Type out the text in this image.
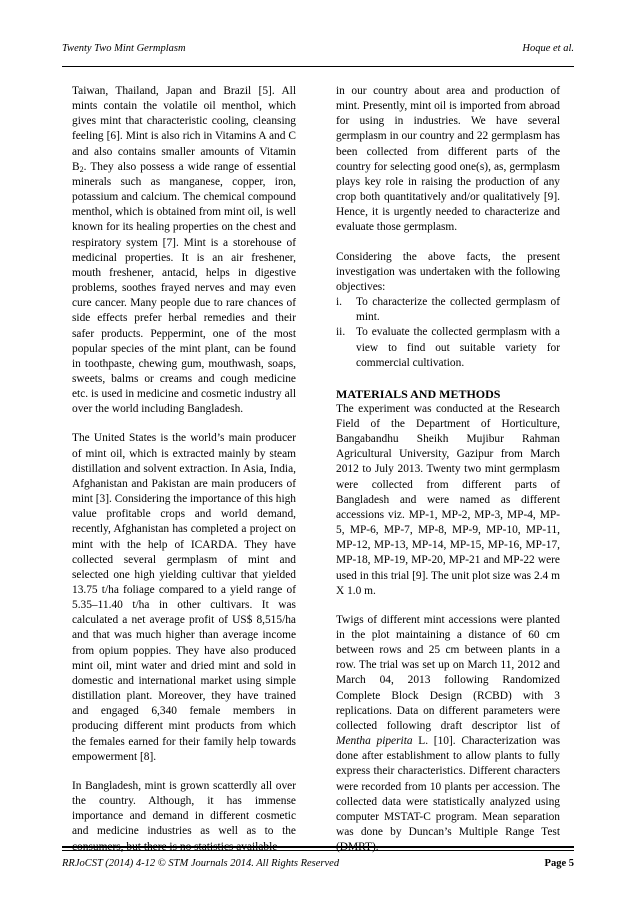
Twenty Two Mint Germplasm	Hoque et al.

Taiwan, Thailand, Japan and Brazil [5]. All mints contain the volatile oil menthol, which gives mint that characteristic cooling, cleansing feeling [6]. Mint is also rich in Vitamins A and C and also contains smaller amounts of Vitamin $B_2$. They also possess a wide range of essential minerals such as manganese, copper, iron, potassium and calcium. The chemical compound menthol, which is obtained from mint oil, is well known for its healing properties on the chest and respiratory system [7]. Mint is a storehouse of medicinal properties. It is an air freshener, mouth freshener, antacid, helps in digestive problems, soothes frayed nerves and may even cure cancer. Many people due to rare chances of side effects prefer herbal remedies and their safer products. Peppermint, one of the most popular species of the mint plant, can be found in toothpaste, chewing gum, mouthwash, soaps, sweets, balms or creams and cough medicine etc. is used in medicine and cosmetic industry all over the world including Bangladesh.

The United States is the world’s main producer of mint oil, which is extracted mainly by steam distillation and solvent extraction. In Asia, India, Afghanistan and Pakistan are main producers of mint [3]. Considering the importance of this high value profitable crops and world demand, recently, Afghanistan has completed a project on mint with the help of ICARDA. They have collected several germplasm of mint and selected one high yielding cultivar that yielded 13.75 t/ha foliage compared to a yield range of 5.35–11.40 t/ha in other cultivars. It was calculated a net average profit of US$ 8,515/ha and that was much higher than average income from opium poppies. They have also produced mint oil, mint water and dried mint and sold in domestic and international market using simple distillation plant. Moreover, they have trained and engaged 6,340 female members in producing different mint products from which the females earned for their family help towards empowerment [8].

In Bangladesh, mint is grown scatterdly all over the country. Although, it has immense importance and demand in different cosmetic and medicine industries as well as to the consumers, but there is no statistics available

in our country about area and production of mint. Presently, mint oil is imported from abroad for using in industries. We have several germplasm in our country and 22 germplasm has been collected from different parts of the country for selecting good one(s), as, germplasm plays key role in raising the production of any crop both quantitatively and/or qualitatively [9]. Hence, it is urgently needed to characterize and evaluate those germplasm.

Considering the above facts, the present investigation was undertaken with the following objectives:

i. To characterize the collected germplasm of mint.
ii. To evaluate the collected germplasm with a view to find out suitable variety for commercial cultivation.
MATERIALS AND METHODS

The experiment was conducted at the Research Field of the Department of Horticulture, Bangabandhu Sheikh Mujibur Rahman Agricultural University, Gazipur from March 2012 to July 2013. Twenty two mint germplasm were collected from different parts of Bangladesh and were named as different accessions viz. MP-1, MP-2, MP-3, MP-4, MP-5, MP-6, MP-7, MP-8, MP-9, MP-10, MP-11, MP-12, MP-13, MP-14, MP-15, MP-16, MP-17, MP-18, MP-19, MP-20, MP-21 and MP-22 were used in this trial [9]. The unit plot size was 2.4 m X 1.0 m.

Twigs of different mint accessions were planted in the plot maintaining a distance of 60 cm between rows and 25 cm between plants in a row. The trial was set up on March 11, 2012 and March 04, 2013 following Randomized Complete Block Design (RCBD) with 3 replications. Data on different parameters were collected following draft descriptor list of Mentha piperita L. [10]. Characterization was done after establishment to allow plants to fully express their characteristics. Different characters were recorded from 10 plants per accession. The collected data were statistically analyzed using computer MSTAT-C program. Mean separation was done by Duncan’s Multiple Range Test (DMRT).

RRJoCST (2014) 4-12 © STM Journals 2014. All Rights Reserved	Page 5
